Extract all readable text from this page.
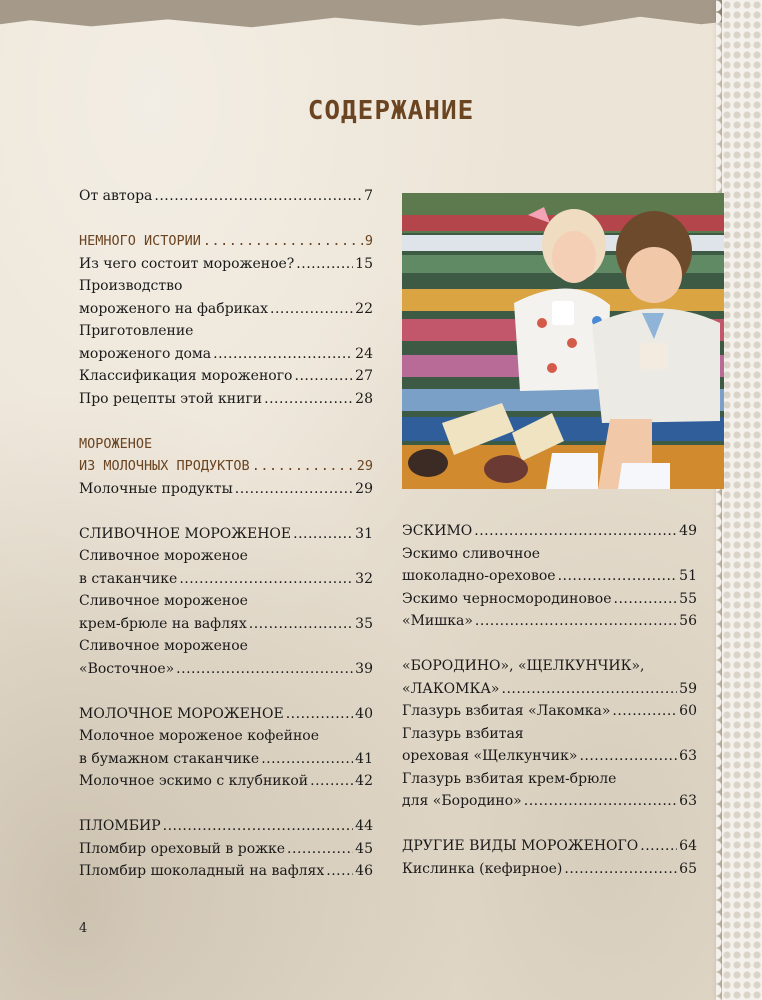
СОДЕРЖАНИЕ
От автора .....	7
НЕМНОГО ИСТОРИИ .....	9
Из чего состоит мороженое? .....	15
Производство
мороженого на фабриках .....	22
Приготовление
мороженого дома .....	24
Классификация мороженого .....	27
Про рецепты этой книги .....	28
МОРОЖЕНОЕ
ИЗ МОЛОЧНЫХ ПРОДУКТОВ .....	29
Молочные продукты .....	29
СЛИВОЧНОЕ МОРОЖЕНОЕ .....	31
Сливочное мороженое
в стаканчике .....	32
Сливочное мороженое
крем-брюле на вафлях .....	35
Сливочное мороженое
«Восточное» .....	39
МОЛОЧНОЕ МОРОЖЕНОЕ .....	40
Молочное мороженое кофейное
в бумажном стаканчике .....	41
Молочное эскимо с клубникой .....	42
ПЛОМБИР .....	44
Пломбир ореховый в рожке .....	45
Пломбир шоколадный на вафлях ..... 46
ЭСКИМО .....	49
Эскимо сливочное
шоколадно-ореховое .....	51
Эскимо черносмородиновое .....	55
«Мишка» .....	56
«БОРОДИНО», «ЩЕЛКУНЧИК»,
«ЛАКОМКА» .....	59
Глазурь взбитая «Лакомка» .....	60
Глазурь взбитая
ореховая «Щелкунчик» .....	63
Глазурь взбитая крем-брюле
для «Бородино» .....	63
ДРУГИЕ ВИДЫ МОРОЖЕНОГО .....	64
Кислинка (кефирное) .....	65
4
